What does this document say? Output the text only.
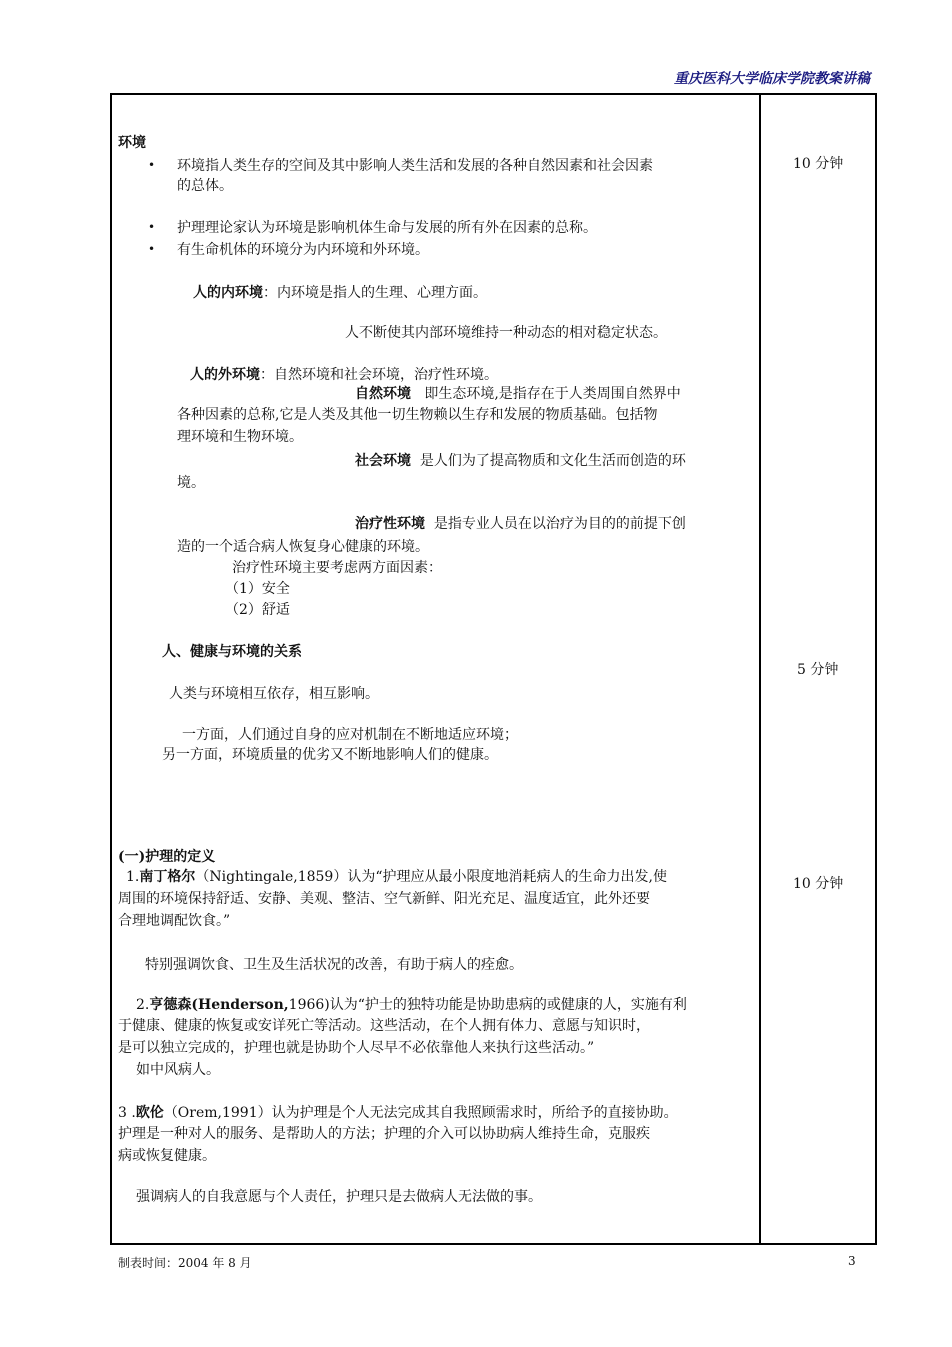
重庆医科大学临床学院教案讲稿
环境
• 环境指人类生存的空间及其中影响人类生活和发展的各种自然因素和社会因素
的总体。
• 护理理论家认为环境是影响机体生命与发展的所有外在因素的总称。
• 有生命机体的环境分为内环境和外环境。
人的内环境：内环境是指人的生理、心理方面。
人不断使其内部环境维持一种动态的相对稳定状态。
人的外环境：自然环境和社会环境，治疗性环境。
自然环境 即生态环境,是指存在于人类周围自然界中
各种因素的总称,它是人类及其他一切生物赖以生存和发展的物质基础。包括物
理环境和生物环境。
社会环境 是人们为了提高物质和文化生活而创造的环
境。
治疗性环境 是指专业人员在以治疗为目的的前提下创
造的一个适合病人恢复身心健康的环境。
治疗性环境主要考虑两方面因素：
（1）安全
（2）舒适
人、健康与环境的关系
人类与环境相互依存，相互影响。
一方面，人们通过自身的应对机制在不断地适应环境；
另一方面，环境质量的优劣又不断地影响人们的健康。
(一)护理的定义
1.南丁格尔（Nightingale,1859）认为“护理应从最小限度地消耗病人的生命力出发,使
周围的环境保持舒适、安静、美观、整洁、空气新鲜、阳光充足、温度适宜，此外还要
合理地调配饮食。”
特别强调饮食、卫生及生活状况的改善，有助于病人的痊愈。
2.亨德森(Henderson,1966)认为“护士的独特功能是协助患病的或健康的人，实施有利
于健康、健康的恢复或安详死亡等活动。这些活动，在个人拥有体力、意愿与知识时，
是可以独立完成的，护理也就是协助个人尽早不必依靠他人来执行这些活动。”
如中风病人。
3 .欧伦（Orem,1991）认为护理是个人无法完成其自我照顾需求时，所给予的直接协助。
护理是一种对人的服务、是帮助人的方法；护理的介入可以协助病人维持生命，克服疾
病或恢复健康。
强调病人的自我意愿与个人责任，护理只是去做病人无法做的事。
10 分钟
5 分钟
10 分钟
制表时间：2004 年 8 月	3
